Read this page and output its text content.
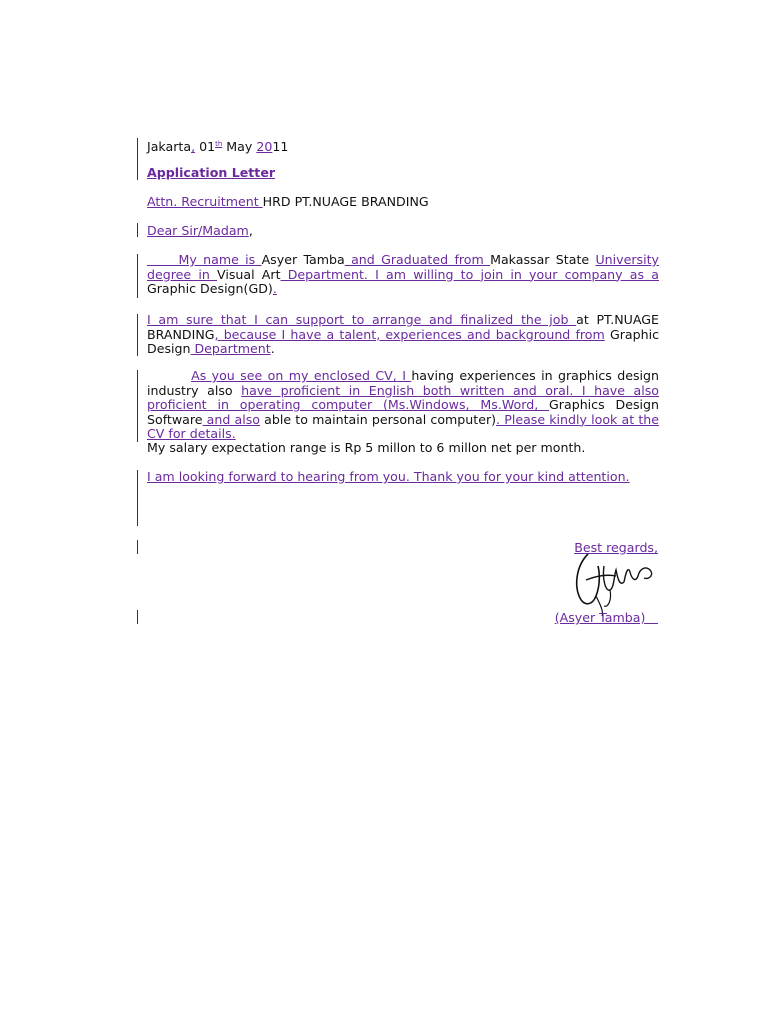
Jakarta, 01th May 2011
Application Letter
Attn. Recruitment HRD PT.NUAGE BRANDING
Dear Sir/Madam,
   My name is Asyer Tamba and Graduated from Makassar State University degree in Visual Art Department. I am willing to join in your company as a Graphic Design(GD).
I am sure that I can support to arrange and finalized the job at PT.NUAGE BRANDING, because I have a talent, experiences and background from Graphic Design Department.
    As you see on my enclosed CV, I having experiences in graphics design industry also have proficient in English both written and oral. I have also proficient in operating computer (Ms.Windows, Ms.Word, Graphics Design Software and also able to maintain personal computer). Please kindly look at the CV for details.
My salary expectation range is Rp 5 millon to 6 millon net per month.
I am looking forward to hearing from you. Thank you for your kind attention.
Best regards,
(Asyer Tamba)  
